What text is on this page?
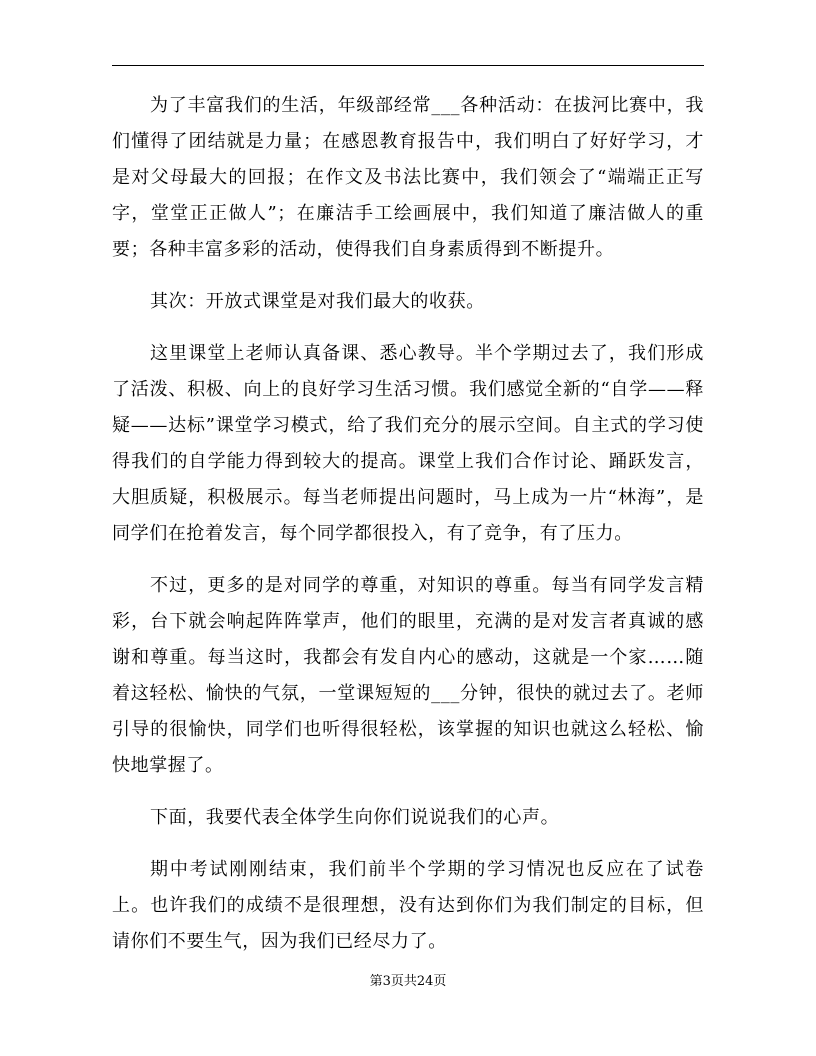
为了丰富我们的生活，年级部经常___各种活动：在拔河比赛中，我们懂得了团结就是力量；在感恩教育报告中，我们明白了好好学习，才是对父母最大的回报；在作文及书法比赛中，我们领会了“端端正正写字，堂堂正正做人”；在廉洁手工绘画展中，我们知道了廉洁做人的重要；各种丰富多彩的活动，使得我们自身素质得到不断提升。

其次：开放式课堂是对我们最大的收获。

这里课堂上老师认真备课、悉心教导。半个学期过去了，我们形成了活泼、积极、向上的良好学习生活习惯。我们感觉全新的“自学——释疑——达标”课堂学习模式，给了我们充分的展示空间。自主式的学习使得我们的自学能力得到较大的提高。课堂上我们合作讨论、踊跃发言，大胆质疑，积极展示。每当老师提出问题时，马上成为一片“林海”，是同学们在抢着发言，每个同学都很投入，有了竞争，有了压力。

不过，更多的是对同学的尊重，对知识的尊重。每当有同学发言精彩，台下就会响起阵阵掌声，他们的眼里，充满的是对发言者真诚的感谢和尊重。每当这时，我都会有发自内心的感动，这就是一个家……随着这轻松、愉快的气氛，一堂课短短的___分钟，很快的就过去了。老师引导的很愉快，同学们也听得很轻松，该掌握的知识也就这么轻松、愉快地掌握了。

下面，我要代表全体学生向你们说说我们的心声。

期中考试刚刚结束，我们前半个学期的学习情况也反应在了试卷上。也许我们的成绩不是很理想，没有达到你们为我们制定的目标，但请你们不要生气，因为我们已经尽力了。

第3页共24页
